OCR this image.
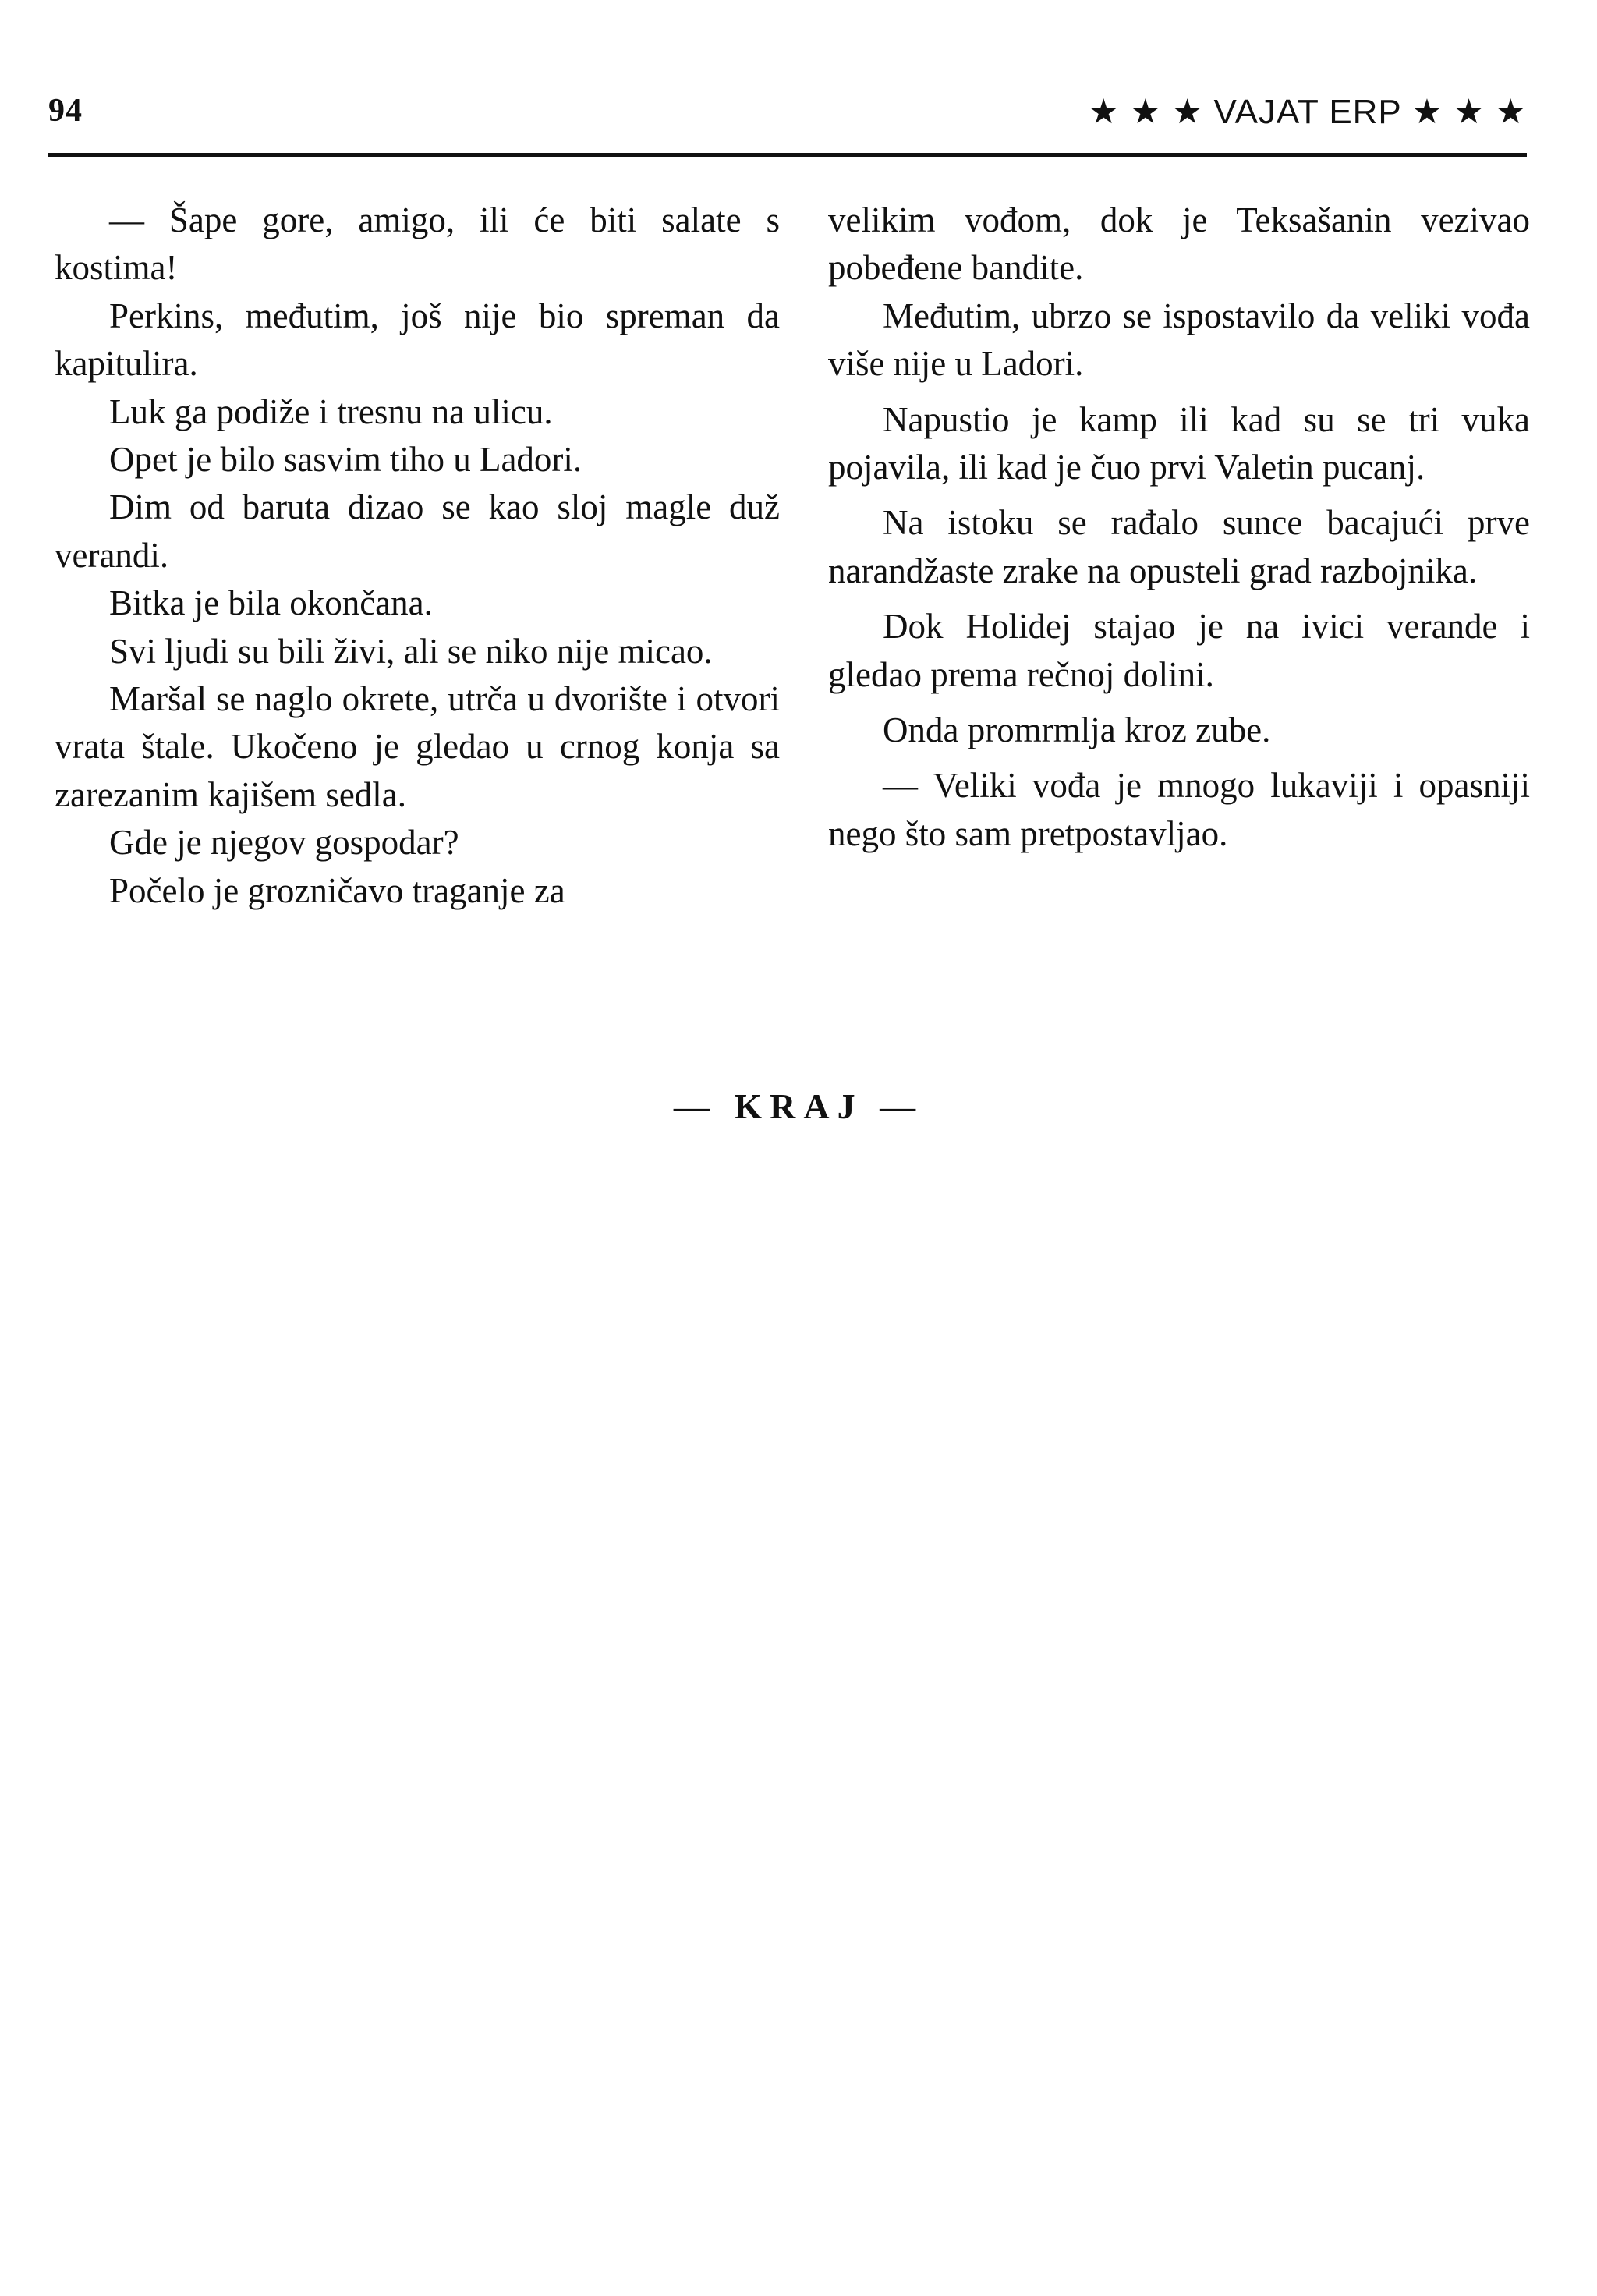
94	★ ★ ★ VAJAT ERP ★ ★ ★

— Šape gore, amigo, ili će biti salate s kostima!

Perkins, međutim, još nije bio spreman da kapitulira.

Luk ga podiže i tresnu na ulicu.

Opet je bilo sasvim tiho u Ladori.

Dim od baruta dizao se kao sloj magle duž verandi.

Bitka je bila okončana.

Svi ljudi su bili živi, ali se niko nije micao.

Maršal se naglo okrete, utrča u dvorište i otvori vrata štale. Ukočeno je gledao u crnog konja sa zarezanim kajišem sedla.

Gde je njegov gospodar?

Počelo je grozničavo traganje za

velikim vođom, dok je Teksašanin vezivao pobeđene bandite.

Međutim, ubrzo se ispostavilo da veliki vođa više nije u Ladori.

Napustio je kamp ili kad su se tri vuka pojavila, ili kad je čuo prvi Valetin pucanj.

Na istoku se rađalo sunce bacajući prve narandžaste zrake na opusteli grad razbojnika.

Dok Holidej stajao je na ivici verande i gledao prema rečnoj dolini.

Onda promrmlja kroz zube.

— Veliki vođa je mnogo lukaviji i opasniji nego što sam pretpostavljao.

— KRAJ —
